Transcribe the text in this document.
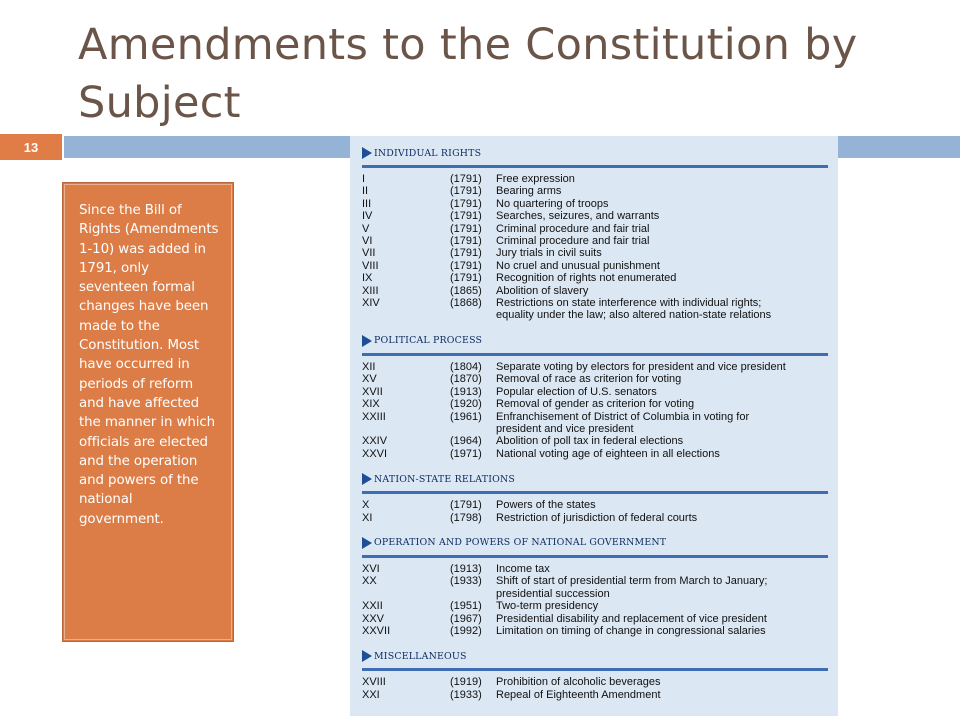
Amendments to the Constitution by Subject
13

Since the Bill of Rights (Amendments 1-10) was added in 1791, only seventeen formal changes have been made to the Constitution. Most have occurred in periods of reform and have affected the manner in which officials are elected and the operation and powers of the national government.

INDIVIDUAL RIGHTS
I	(1791)	Free expression
II	(1791)	Bearing arms
III	(1791)	No quartering of troops
IV	(1791)	Searches, seizures, and warrants
V	(1791)	Criminal procedure and fair trial
VI	(1791)	Criminal procedure and fair trial
VII	(1791)	Jury trials in civil suits
VIII	(1791)	No cruel and unusual punishment
IX	(1791)	Recognition of rights not enumerated
XIII	(1865)	Abolition of slavery
XIV	(1868)	Restrictions on state interference with individual rights;
equality under the law; also altered nation-state relations
POLITICAL PROCESS
XII	(1804)	Separate voting by electors for president and vice president
XV	(1870)	Removal of race as criterion for voting
XVII	(1913)	Popular election of U.S. senators
XIX	(1920)	Removal of gender as criterion for voting
XXIII	(1961)	Enfranchisement of District of Columbia in voting for
president and vice president
XXIV	(1964)	Abolition of poll tax in federal elections
XXVI	(1971)	National voting age of eighteen in all elections
NATION-STATE RELATIONS
X	(1791)	Powers of the states
XI	(1798)	Restriction of jurisdiction of federal courts
OPERATION AND POWERS OF NATIONAL GOVERNMENT
XVI	(1913)	Income tax
XX	(1933)	Shift of start of presidential term from March to January;
presidential succession
XXII	(1951)	Two-term presidency
XXV	(1967)	Presidential disability and replacement of vice president
XXVII	(1992)	Limitation on timing of change in congressional salaries
MISCELLANEOUS
XVIII	(1919)	Prohibition of alcoholic beverages
XXI	(1933)	Repeal of Eighteenth Amendment
